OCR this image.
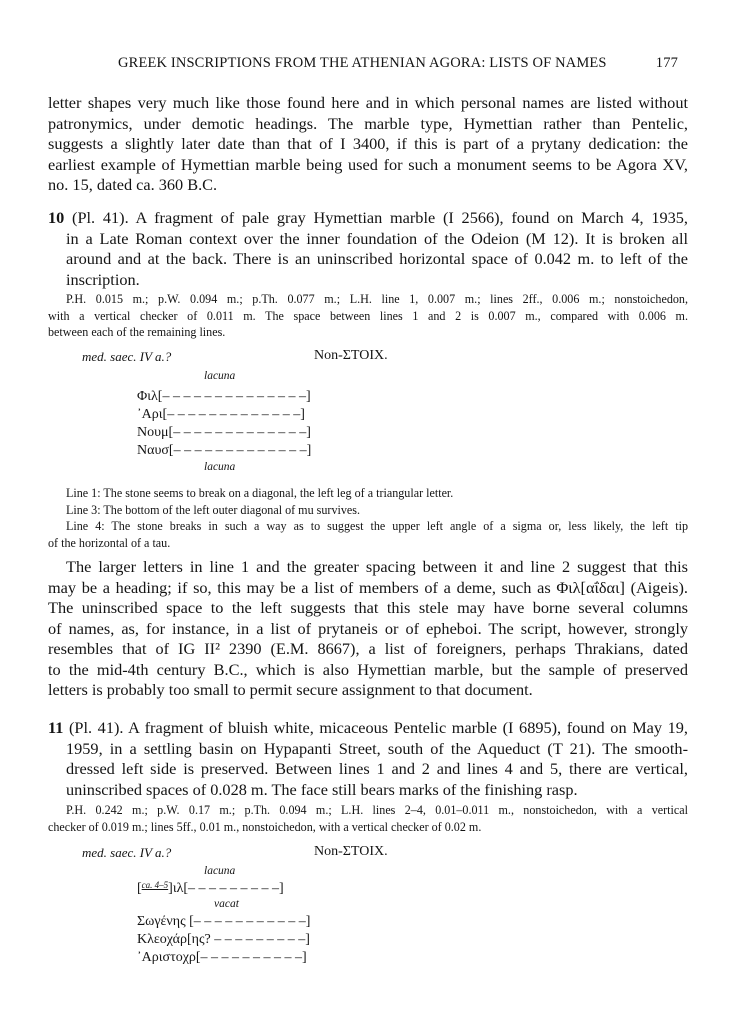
GREEK INSCRIPTIONS FROM THE ATHENIAN AGORA: LISTS OF NAMES	177
letter shapes very much like those found here and in which personal names are listed without
patronymics, under demotic headings. The marble type, Hymettian rather than Pentelic,
suggests a slightly later date than that of I 3400, if this is part of a prytany dedication: the
earliest example of Hymettian marble being used for such a monument seems to be Agora XV,
no. 15, dated ca. 360 B.C.
10 (Pl. 41). A fragment of pale gray Hymettian marble (I 2566), found on March 4, 1935,
in a Late Roman context over the inner foundation of the Odeion (M 12). It is broken all
around and at the back. There is an uninscribed horizontal space of 0.042 m. to left of the
inscription.
P.H. 0.015 m.; p.W. 0.094 m.; p.Th. 0.077 m.; L.H. line 1, 0.007 m.; lines 2ff., 0.006 m.; nonstoichedon,
with a vertical checker of 0.011 m. The space between lines 1 and 2 is 0.007 m., compared with 0.006 m.
between each of the remaining lines.
med. saec. IV a.?	Non-ΣΤΟΙΧ.
lacuna
Φιλ[– – – – – – – – – – – – – –]
᾿Αρι[– – – – – – – – – – – – –]
Νουμ[– – – – – – – – – – – – –]
Ναυσ[– – – – – – – – – – – – –]
lacuna
Line 1: The stone seems to break on a diagonal, the left leg of a triangular letter.
Line 3: The bottom of the left outer diagonal of mu survives.
Line 4: The stone breaks in such a way as to suggest the upper left angle of a sigma or, less likely, the left tip
of the horizontal of a tau.
The larger letters in line 1 and the greater spacing between it and line 2 suggest that this
may be a heading; if so, this may be a list of members of a deme, such as Φιλ[αΐδαι] (Aigeis).
The uninscribed space to the left suggests that this stele may have borne several columns
of names, as, for instance, in a list of prytaneis or of epheboi. The script, however, strongly
resembles that of IG II² 2390 (E.M. 8667), a list of foreigners, perhaps Thrakians, dated
to the mid-4th century B.C., which is also Hymettian marble, but the sample of preserved
letters is probably too small to permit secure assignment to that document.
11 (Pl. 41). A fragment of bluish white, micaceous Pentelic marble (I 6895), found on May 19,
1959, in a settling basin on Hypapanti Street, south of the Aqueduct (T 21). The smooth-
dressed left side is preserved. Between lines 1 and 2 and lines 4 and 5, there are vertical,
uninscribed spaces of 0.028 m. The face still bears marks of the finishing rasp.
P.H. 0.242 m.; p.W. 0.17 m.; p.Th. 0.094 m.; L.H. lines 2–4, 0.01–0.011 m., nonstoichedon, with a vertical
checker of 0.019 m.; lines 5ff., 0.01 m., nonstoichedon, with a vertical checker of 0.02 m.
med. saec. IV a.?	Non-ΣΤΟΙΧ.
lacuna
[$^{ca. 4-5}$]ιλ[– – – – – – – – –]
vacat
Σωγένης [– – – – – – – – – – –]
Κλεοχάρ[ης? – – – – – – – – –]
᾿Αριστοχρ[– – – – – – – – – –]
